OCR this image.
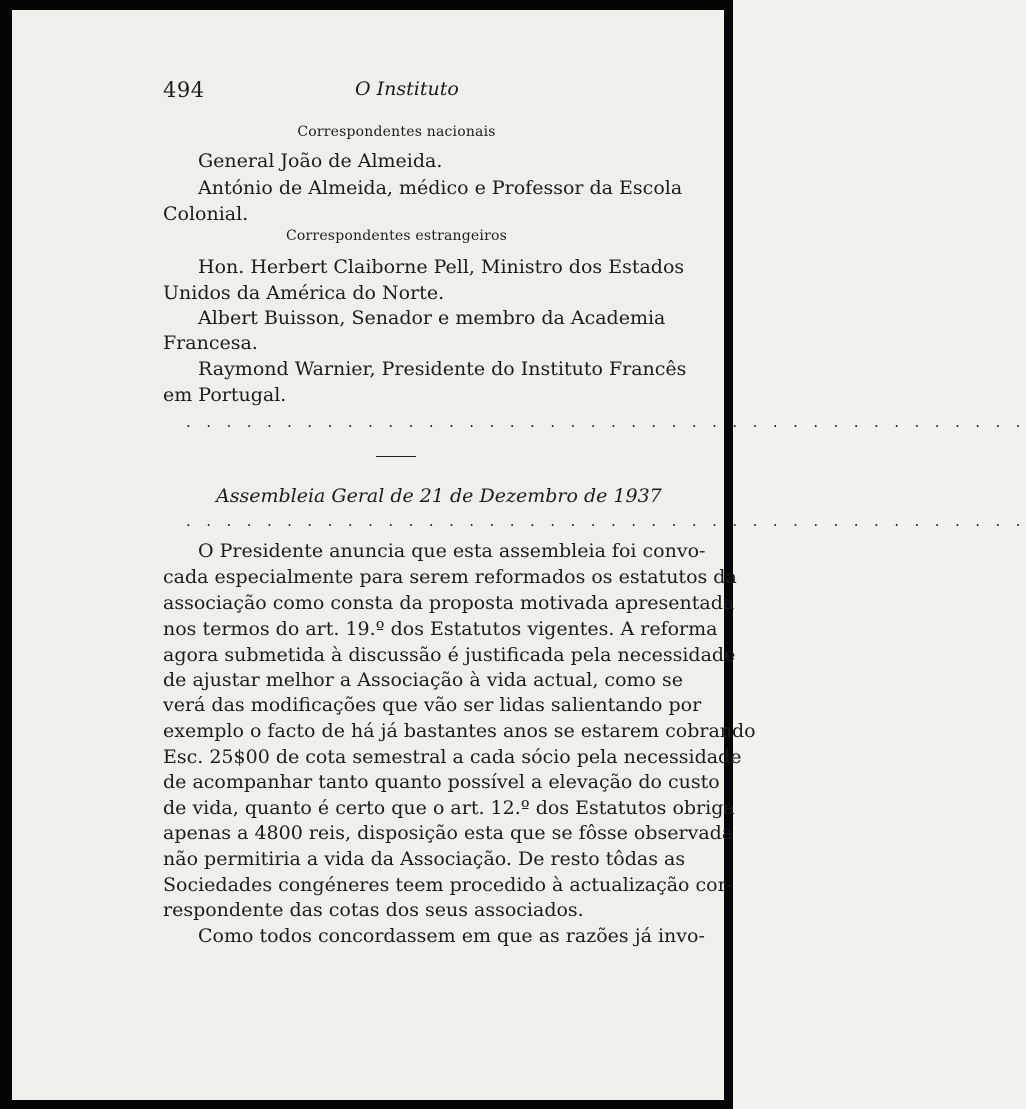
494	O Instituto
Correspondentes nacionais
General João de Almeida.
António de Almeida, médico e Professor da Escola
Colonial.
Correspondentes estrangeiros
Hon. Herbert Claiborne Pell, Ministro dos Estados
Unidos da América do Norte.
Albert Buisson, Senador e membro da Academia
Francesa.
Raymond Warnier, Presidente do Instituto Francês
em Portugal.
. . . . . . . . . . . . . . . . . . . . . . . . . . . . . . . . . . . . . . . . . .
Assembleia Geral de 21 de Dezembro de 1937
. . . . . . . . . . . . . . . . . . . . . . . . . . . . . . . . . . . . . . . . . .
O Presidente anuncia que esta assembleia foi convo-
cada especialmente para serem reformados os estatutos da
associação como consta da proposta motivada apresentada
nos termos do art. 19.º dos Estatutos vigentes. A reforma
agora submetida à discussão é justificada pela necessidade
de ajustar melhor a Associação à vida actual, como se
verá das modificações que vão ser lidas salientando por
exemplo o facto de há já bastantes anos se estarem cobrando
Esc. 25$00 de cota semestral a cada sócio pela necessidade
de acompanhar tanto quanto possível a elevação do custo
de vida, quanto é certo que o art. 12.º dos Estatutos obriga
apenas a 4800 reis, disposição esta que se fôsse observada
não permitiria a vida da Associação. De resto tôdas as
Sociedades congéneres teem procedido à actualização cor-
respondente das cotas dos seus associados.
Como todos concordassem em que as razões já invo-
